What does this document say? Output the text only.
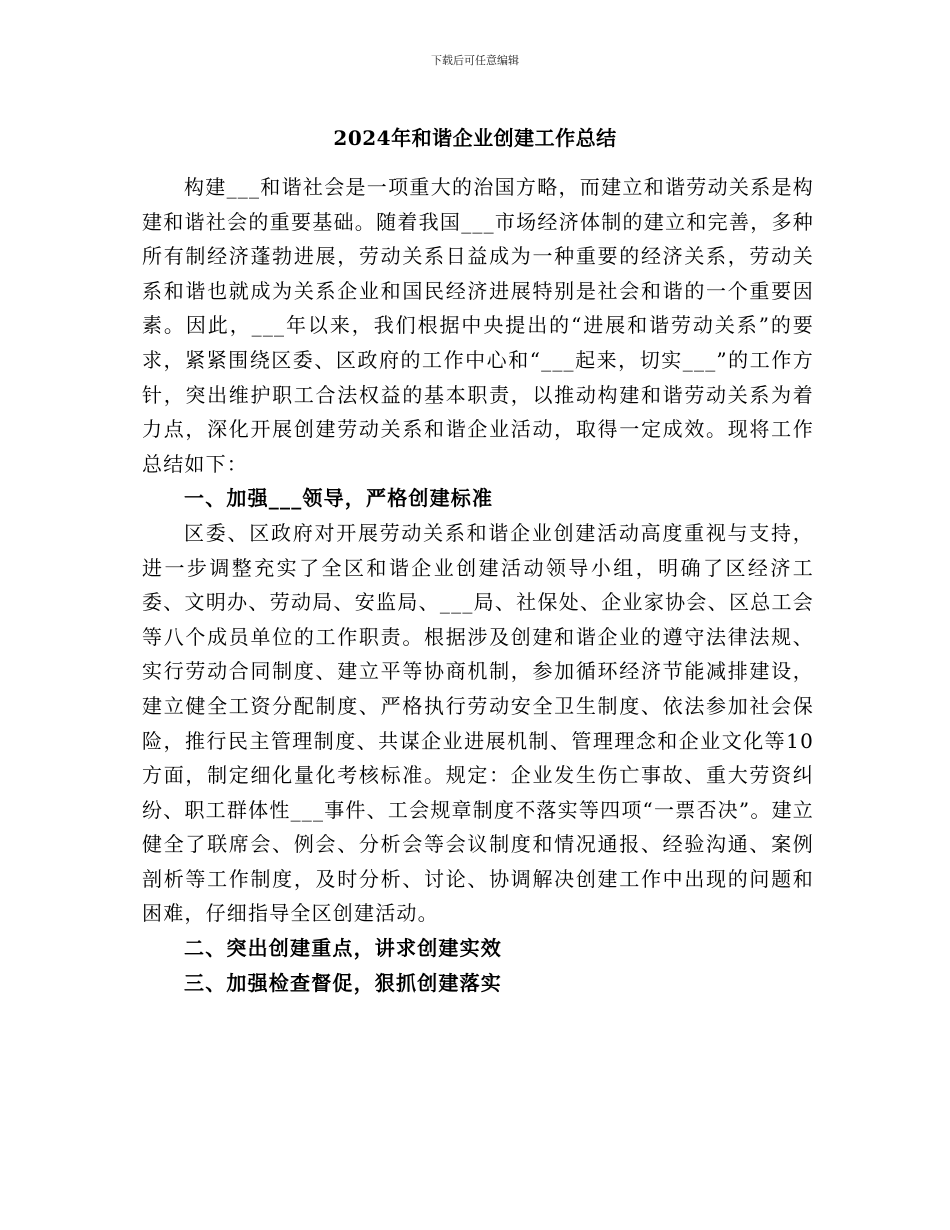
下载后可任意编辑
2024年和谐企业创建工作总结

构建___和谐社会是一项重大的治国方略，而建立和谐劳动关系是构建和谐社会的重要基础。随着我国___市场经济体制的建立和完善，多种所有制经济蓬勃进展，劳动关系日益成为一种重要的经济关系，劳动关系和谐也就成为关系企业和国民经济进展特别是社会和谐的一个重要因素。因此，___年以来，我们根据中央提出的“进展和谐劳动关系”的要求，紧紧围绕区委、区政府的工作中心和“___起来，切实___”的工作方针，突出维护职工合法权益的基本职责，以推动构建和谐劳动关系为着力点，深化开展创建劳动关系和谐企业活动，取得一定成效。现将工作总结如下：

一、加强___领导，严格创建标准

区委、区政府对开展劳动关系和谐企业创建活动高度重视与支持，进一步调整充实了全区和谐企业创建活动领导小组，明确了区经济工委、文明办、劳动局、安监局、___局、社保处、企业家协会、区总工会等八个成员单位的工作职责。根据涉及创建和谐企业的遵守法律法规、实行劳动合同制度、建立平等协商机制，参加循环经济节能减排建设，建立健全工资分配制度、严格执行劳动安全卫生制度、依法参加社会保险，推行民主管理制度、共谋企业进展机制、管理理念和企业文化等10方面，制定细化量化考核标准。规定：企业发生伤亡事故、重大劳资纠纷、职工群体性___事件、工会规章制度不落实等四项“一票否决”。建立健全了联席会、例会、分析会等会议制度和情况通报、经验沟通、案例剖析等工作制度，及时分析、讨论、协调解决创建工作中出现的问题和困难，仔细指导全区创建活动。

二、突出创建重点，讲求创建实效

三、加强检查督促，狠抓创建落实
